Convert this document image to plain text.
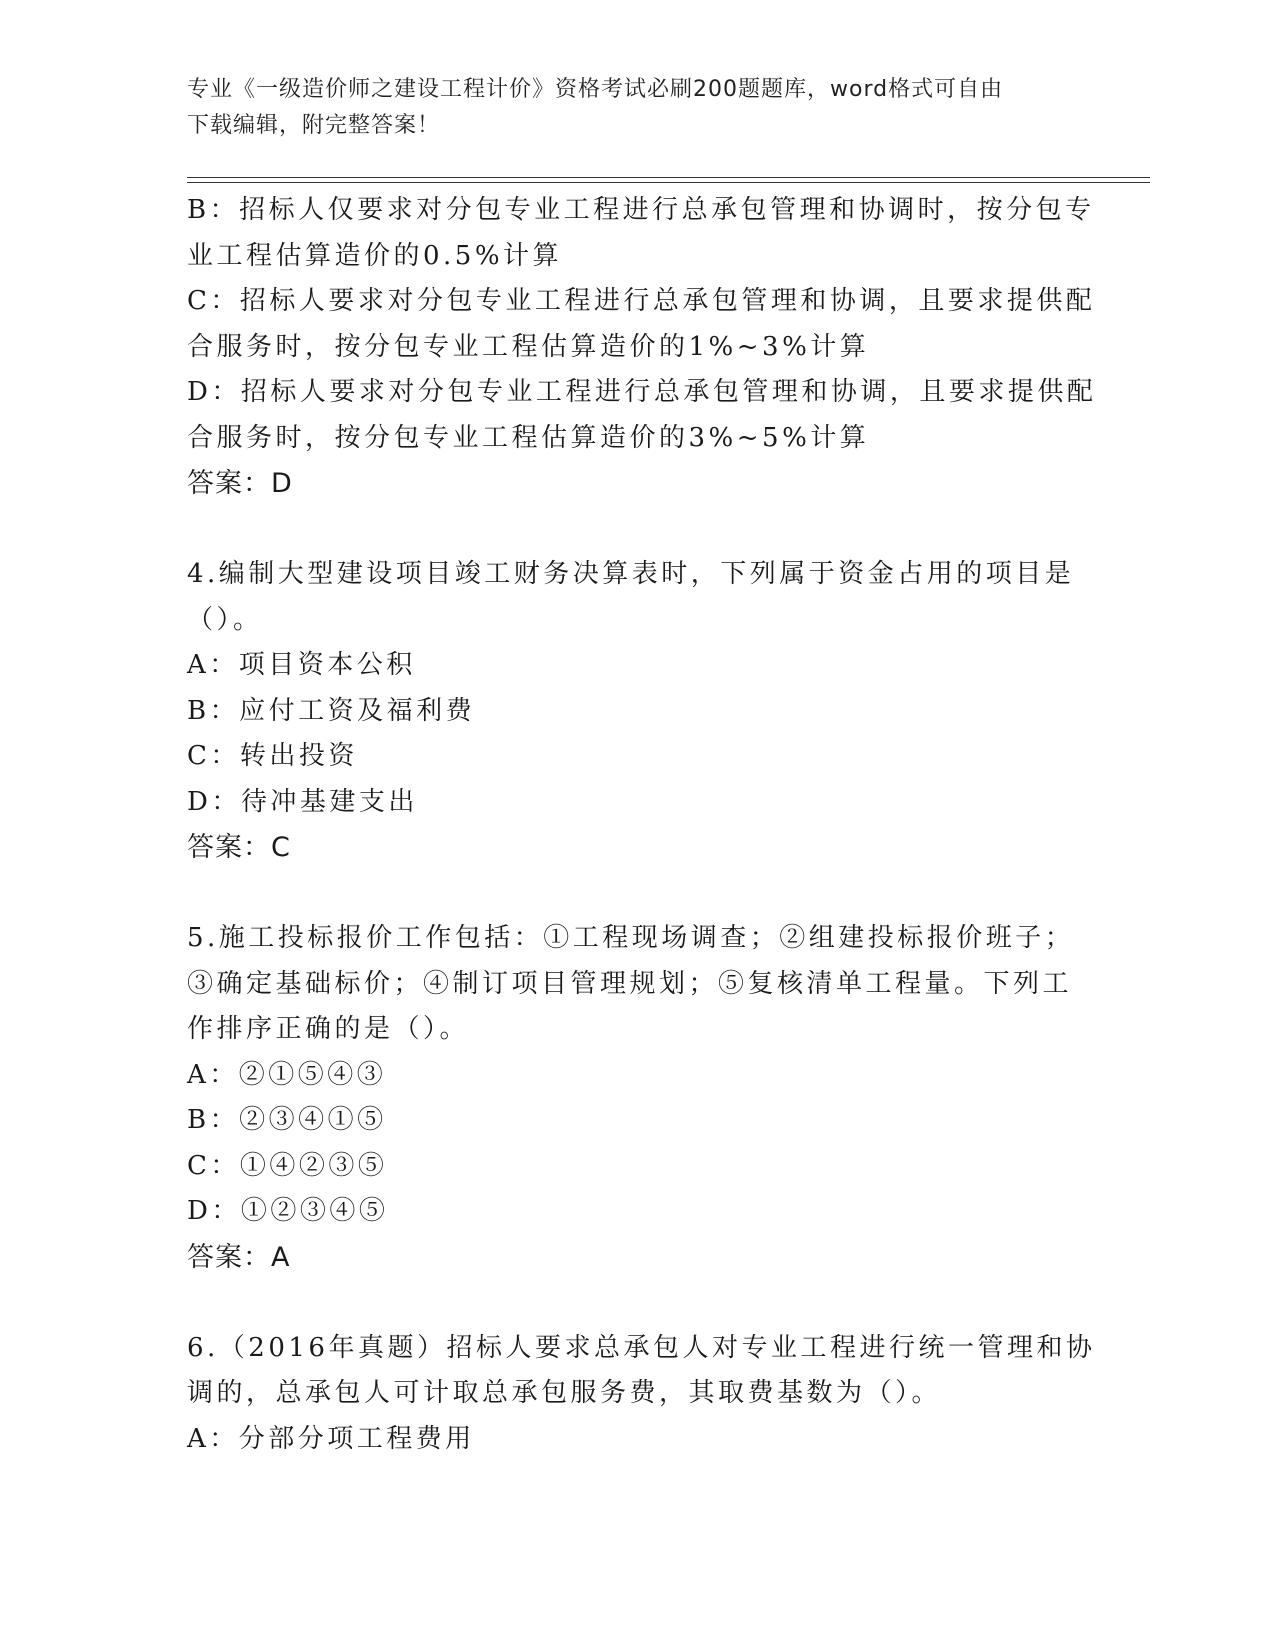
专业《一级造价师之建设工程计价》资格考试必刷200题题库，word格式可自由
下载编辑，附完整答案！
B：招标人仅要求对分包专业工程进行总承包管理和协调时，按分包专
业工程估算造价的0.5%计算
C：招标人要求对分包专业工程进行总承包管理和协调，且要求提供配
合服务时，按分包专业工程估算造价的1%~3%计算
D：招标人要求对分包专业工程进行总承包管理和协调，且要求提供配
合服务时，按分包专业工程估算造价的3%~5%计算
答案：D
4.编制大型建设项目竣工财务决算表时，下列属于资金占用的项目是
（）。
A：项目资本公积
B：应付工资及福利费
C：转出投资
D：待冲基建支出
答案：C
5.施工投标报价工作包括：①工程现场调查；②组建投标报价班子；
③确定基础标价；④制订项目管理规划；⑤复核清单工程量。下列工
作排序正确的是（）。
A：②①⑤④③
B：②③④①⑤
C：①④②③⑤
D：①②③④⑤
答案：A
6.（2016年真题）招标人要求总承包人对专业工程进行统一管理和协
调的，总承包人可计取总承包服务费，其取费基数为（）。
A：分部分项工程费用
